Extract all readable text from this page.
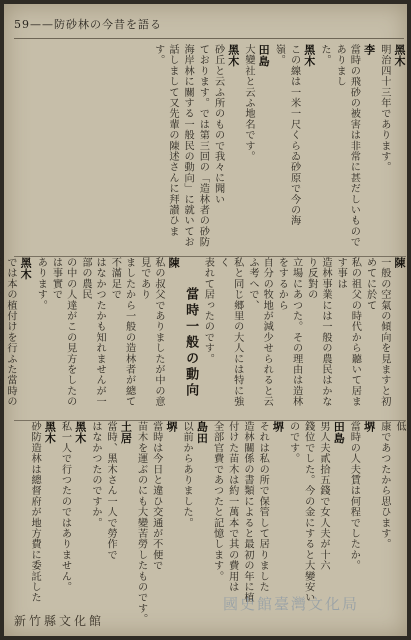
59——防砂林の今昔を語る
黑木
明治四十三年であります。
李
當時の飛砂の被害は非常に甚だしいものでありまし
た。
黑木
この線は一米一尺くらゐ砂原で今の海
嶺。
田島
大變社と云ふ地名です。
黑木
砂丘と云ふ所のもので我々に聞い
ております。では第三回の「造林者の砂防
海岸林に關する一般民の動向」に就いてお
話しまして又先輩の陳述さんに拜讃ひます。
陳
一般の空氣の傾向を見ますと初めてに於て
私の祖父の時代から聽いて居ます事は
造林事業には一般の農民はかなり反對の
立場にあつた。その理由は造林をするから
自分の牧地が減少せられると云ふ考へで、
私と同じ郷里の大人には特に強く
表れて居ったのです。
當時一般の動向
陳
私の叔父でありましたが中の意見であり
ましたから一般の造林者が總て不滿足で
はなかつたかも知れませんが一部の農民
の中の人達がこの見方をしたのは事實で
あります。
黑木
では本の植付けを行ふた當時の
低
康であつたから思ひます。
堺
當時の人夫賃は何程でしたか。
田島
男人夫貳拾五錢で女人夫が十六
錢位でした。今の金にすると大變安い
のです。
堺
それは私の所で保管して居りました
造林關係の書類によると最初の年に植
付けた苗木は約一萬本で其の費用は
全部官費であつたと記憶します。
島田
以前からありました。
堺
當時は今日と違ひ交通が不便で
苗木を運ぶのにも大變苦勞したものです。
土居
當時、黑木さん一人で勞作で
はなかつたのですか。
黑木
私一人で行つたのではありません。
黑木
砂防造林は總督府が地方費に委託した
新竹縣文化館
國史館臺灣文化局
